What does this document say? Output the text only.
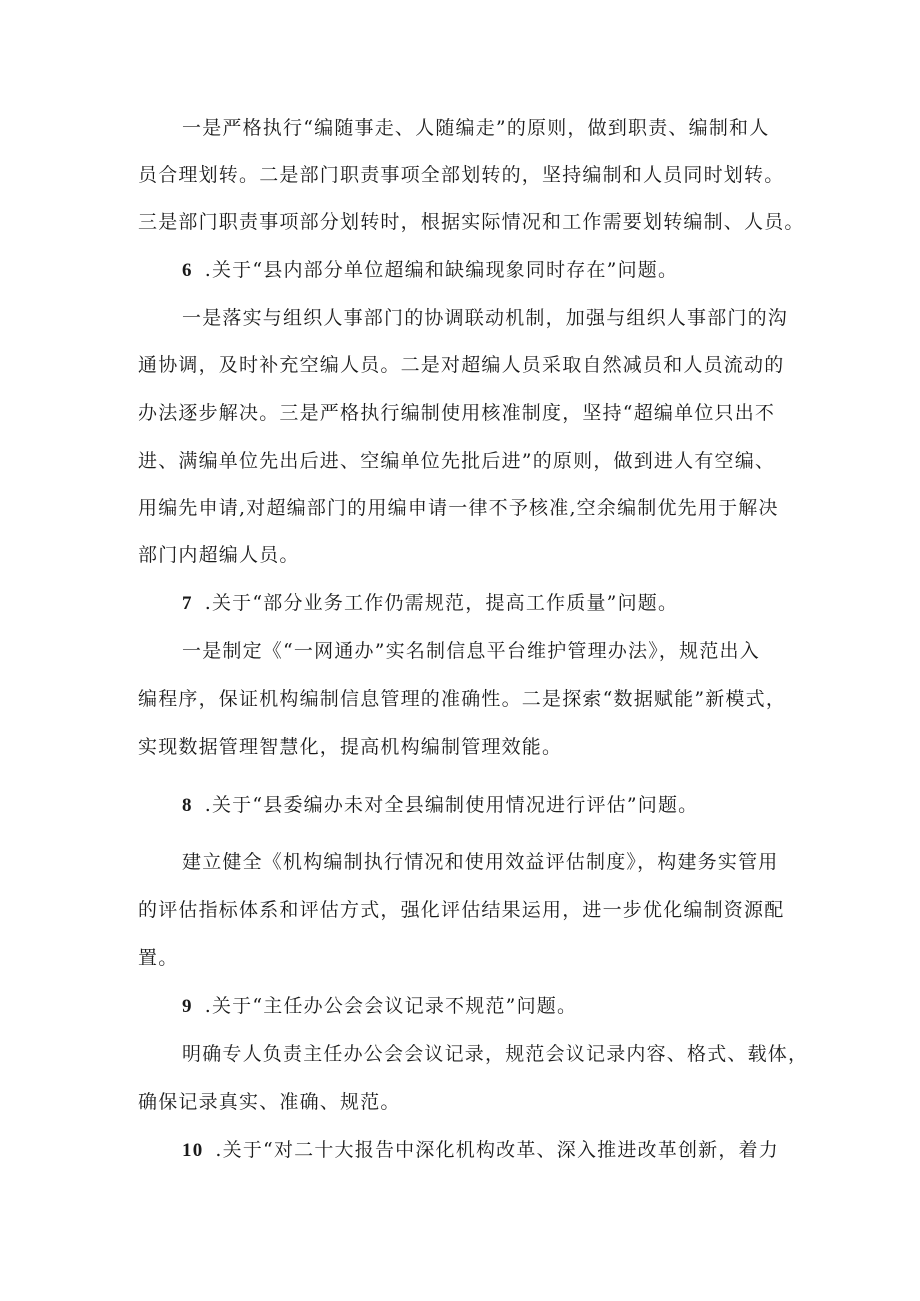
一是严格执行“编随事走、人随编走”的原则，做到职责、编制和人
员合理划转。二是部门职责事项全部划转的，坚持编制和人员同时划转。
三是部门职责事项部分划转时，根据实际情况和工作需要划转编制、人员。
6 .关于“县内部分单位超编和缺编现象同时存在”问题。
一是落实与组织人事部门的协调联动机制，加强与组织人事部门的沟
通协调，及时补充空编人员。二是对超编人员采取自然减员和人员流动的
办法逐步解决。三是严格执行编制使用核准制度，坚持“超编单位只出不
进、满编单位先出后进、空编单位先批后进”的原则，做到进人有空编、
用编先申请,对超编部门的用编申请一律不予核准,空余编制优先用于解决
部门内超编人员。
7 .关于“部分业务工作仍需规范，提高工作质量”问题。
一是制定《“一网通办”实名制信息平台维护管理办法》，规范出入
编程序，保证机构编制信息管理的准确性。二是探索“数据赋能”新模式，
实现数据管理智慧化，提高机构编制管理效能。
8 .关于“县委编办未对全县编制使用情况进行评估”问题。
建立健全《机构编制执行情况和使用效益评估制度》，构建务实管用
的评估指标体系和评估方式，强化评估结果运用，进一步优化编制资源配
置。
9 .关于“主任办公会会议记录不规范”问题。
明确专人负责主任办公会会议记录，规范会议记录内容、格式、载体，
确保记录真实、准确、规范。
10 .关于“对二十大报告中深化机构改革、深入推进改革创新，着力
